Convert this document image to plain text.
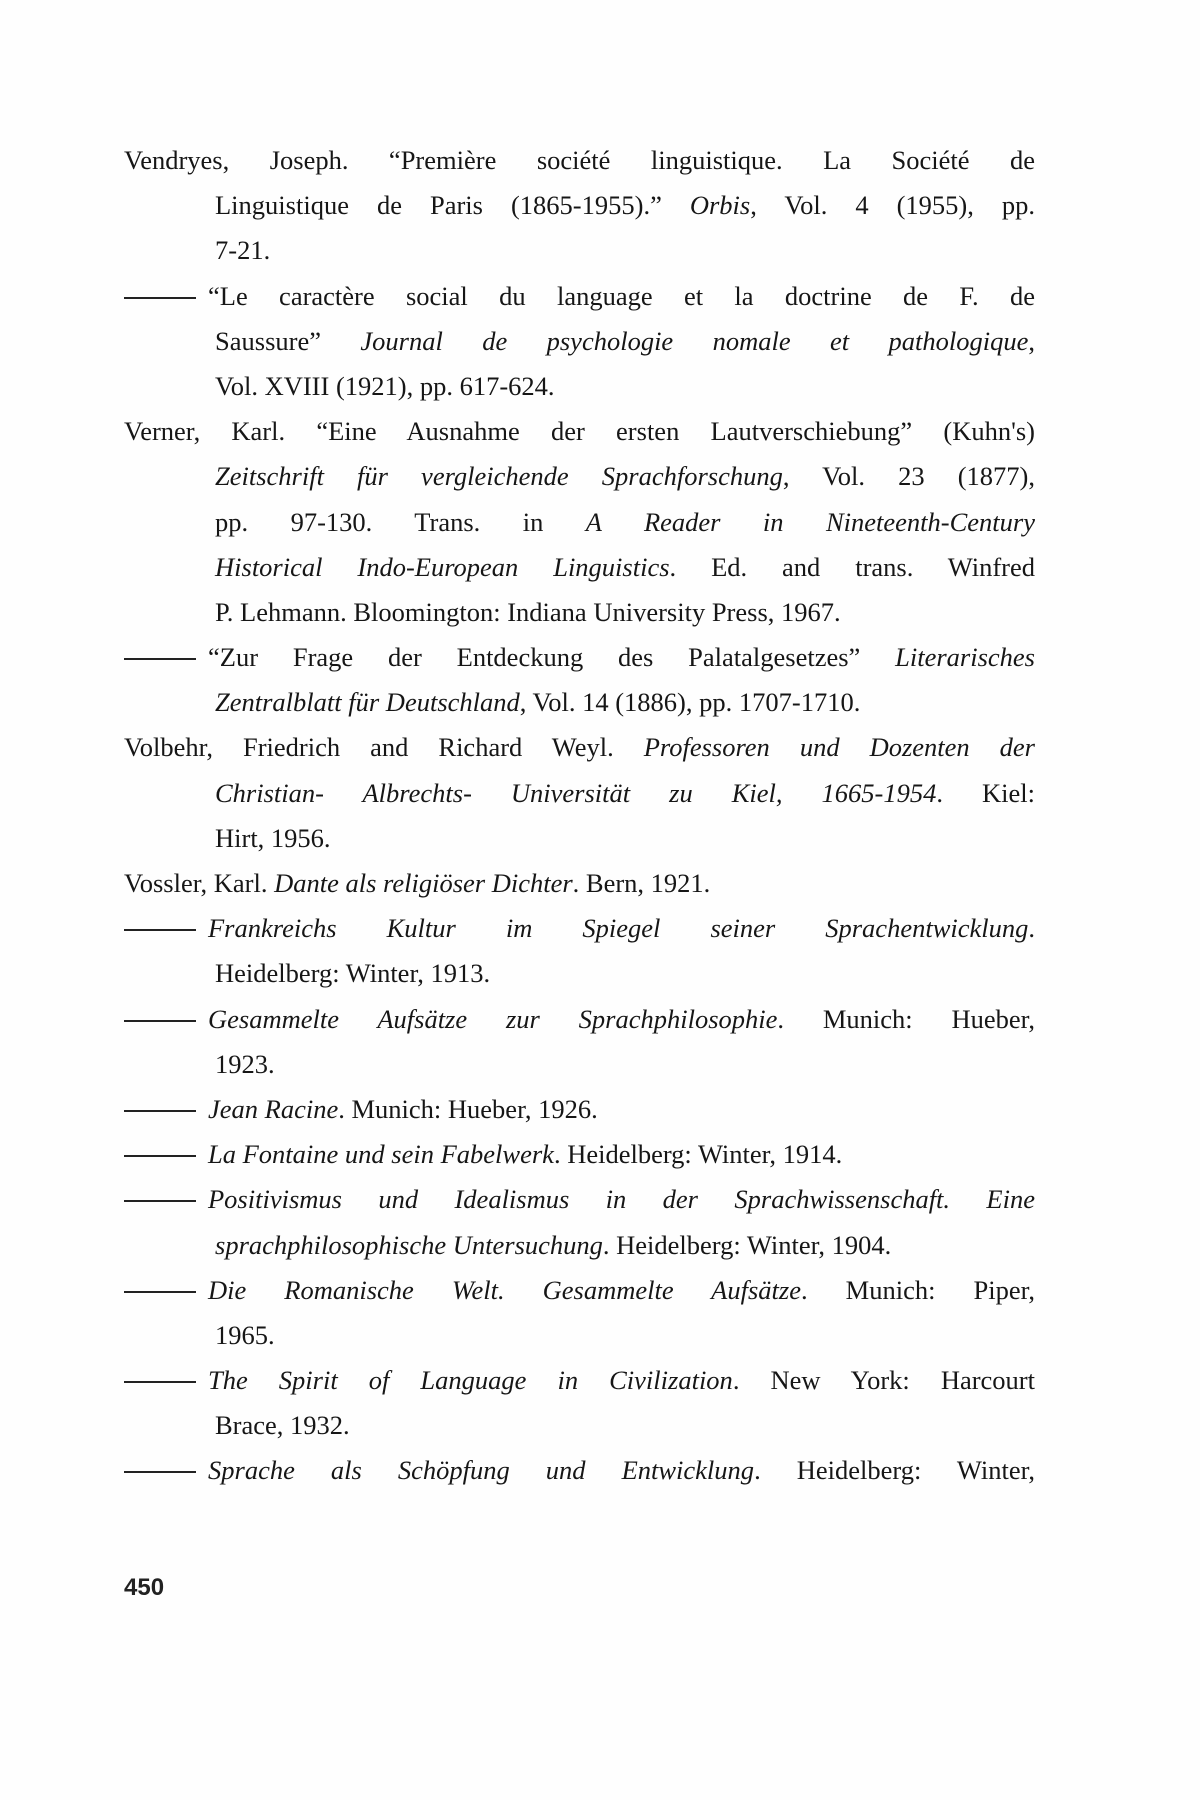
Vendryes, Joseph. “Première société linguistique. La Société de
Linguistique de Paris (1865-1955).” Orbis, Vol. 4 (1955), pp.
7-21.
“Le caractère social du language et la doctrine de F. de
Saussure” Journal de psychologie nomale et pathologique,
Vol. XVIII (1921), pp. 617-624.
Verner, Karl. “Eine Ausnahme der ersten Lautverschiebung” (Kuhn's)
Zeitschrift für vergleichende Sprachforschung, Vol. 23 (1877),
pp. 97-130. Trans. in A Reader in Nineteenth-Century
Historical Indo-European Linguistics. Ed. and trans. Winfred
P. Lehmann. Bloomington: Indiana University Press, 1967.
“Zur Frage der Entdeckung des Palatalgesetzes” Literarisches
Zentralblatt für Deutschland, Vol. 14 (1886), pp. 1707-1710.
Volbehr, Friedrich and Richard Weyl. Professoren und Dozenten der
Christian- Albrechts- Universität zu Kiel, 1665-1954. Kiel:
Hirt, 1956.
Vossler, Karl. Dante als religiöser Dichter. Bern, 1921.
Frankreichs Kultur im Spiegel seiner Sprachentwicklung.
Heidelberg: Winter, 1913.
Gesammelte Aufsätze zur Sprachphilosophie. Munich: Hueber,
1923.
Jean Racine. Munich: Hueber, 1926.
La Fontaine und sein Fabelwerk. Heidelberg: Winter, 1914.
Positivismus und Idealismus in der Sprachwissenschaft. Eine
sprachphilosophische Untersuchung. Heidelberg: Winter, 1904.
Die Romanische Welt. Gesammelte Aufsätze. Munich: Piper,
1965.
The Spirit of Language in Civilization. New York: Harcourt
Brace, 1932.
Sprache als Schöpfung und Entwicklung. Heidelberg: Winter,
450
